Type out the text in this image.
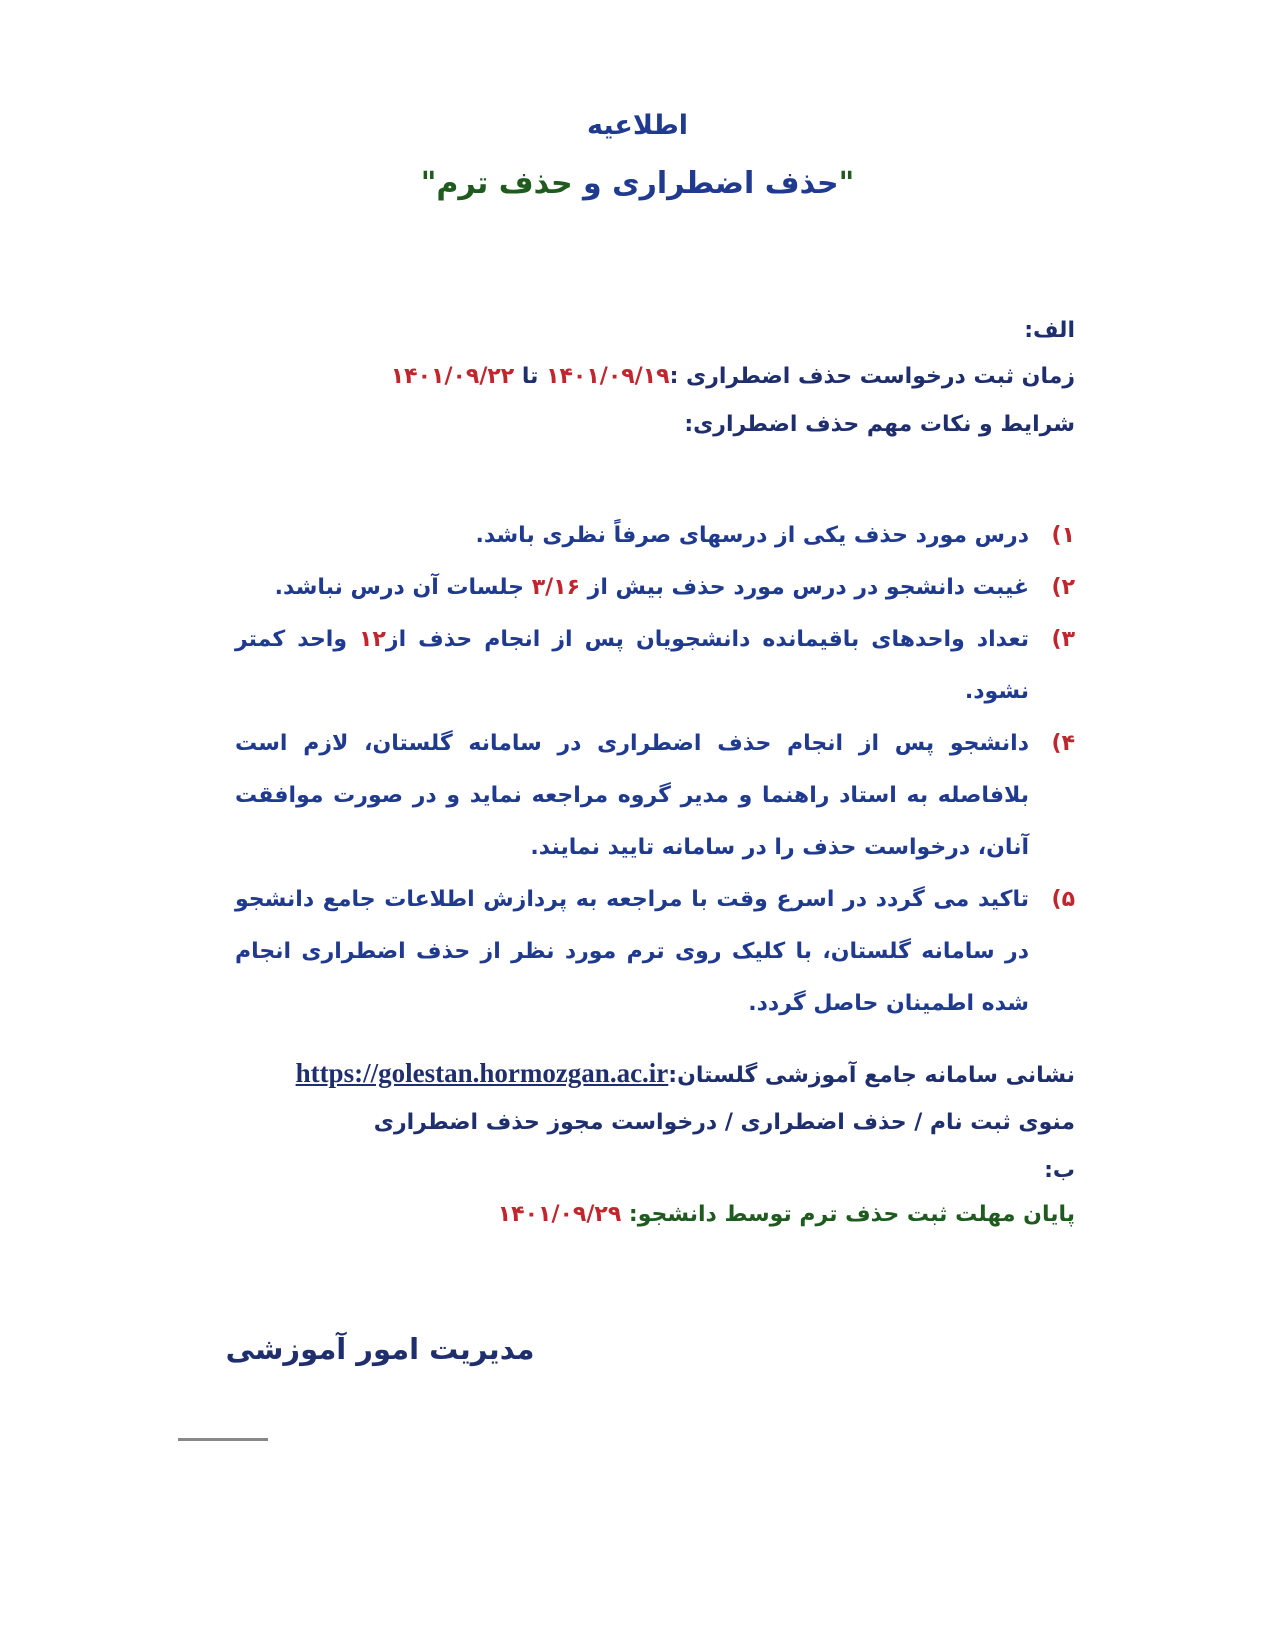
اطلاعیه
"حذف اضطراری و حذف ترم"
الف:
زمان ثبت درخواست حذف اضطراری :۱۴۰۱/۰۹/۱۹ تا ۱۴۰۱/۰۹/۲۲
شرایط و نکات مهم حذف اضطراری:
۱)
درس مورد حذف یکی از درسهای صرفاً نظری باشد.
۲)
غیبت دانشجو در درس مورد حذف بیش از ۳/۱۶ جلسات آن درس نباشد.
۳)
تعداد واحدهای باقیمانده دانشجویان پس از انجام حذف از۱۲ واحد کمتر نشود.
۴)
دانشجو پس از انجام حذف اضطراری در سامانه گلستان، لازم است بلافاصله به استاد راهنما و مدیر گروه مراجعه نماید و در صورت موافقت آنان، درخواست حذف را در سامانه تایید نمایند.
۵)
تاکید می گردد در اسرع وقت با مراجعه به پردازش اطلاعات جامع دانشجو در سامانه گلستان، با کلیک روی ترم مورد نظر از حذف اضطراری انجام شده اطمینان حاصل گردد.
نشانی سامانه جامع آموزشی گلستان:https://golestan.hormozgan.ac.ir
منوی ثبت نام / حذف اضطراری / درخواست مجوز حذف اضطراری
ب:
پایان مهلت ثبت حذف ترم توسط دانشجو: ۱۴۰۱/۰۹/۲۹
مدیریت امور آموزشی
